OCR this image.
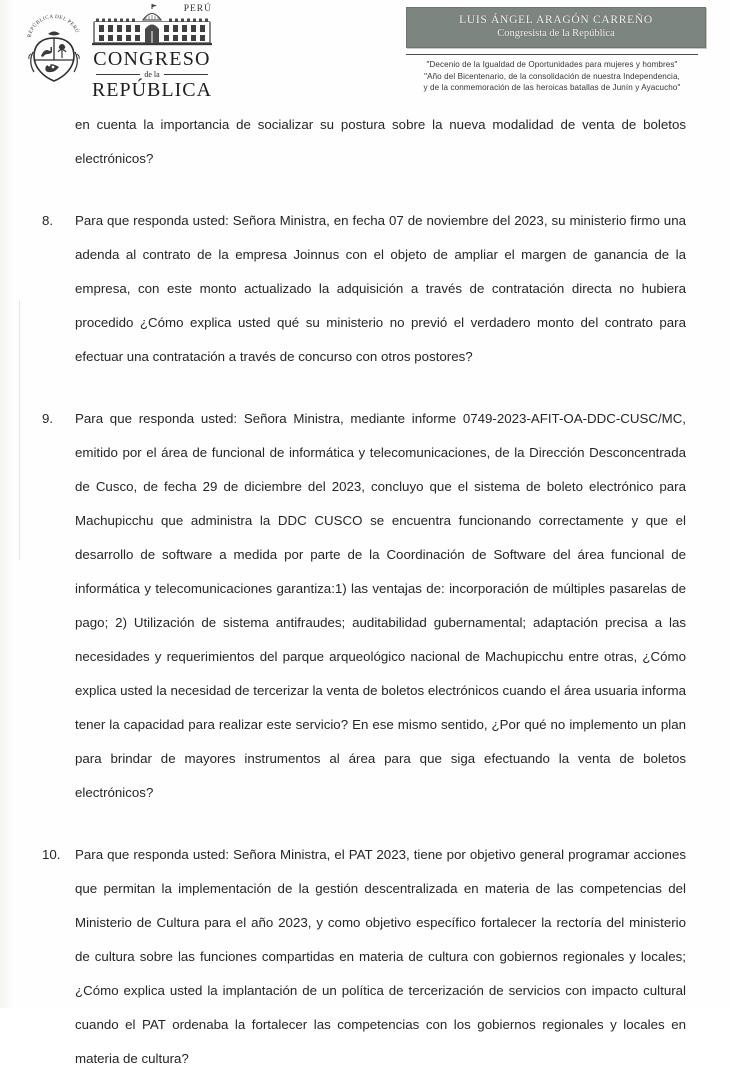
REPÚBLICA DEL PERÚ
PERÚ
CONGRESO
de la
REPÚBLICA
LUIS ÁNGEL ARAGÓN CARREÑO
Congresista de la República
"Decenio de la Igualdad de Oportunidades para mujeres y hombres"
"Año del Bicentenario, de la consolidación de nuestra Independencia,
y de la conmemoración de las heroicas batallas de Junín y Ayacucho"

en cuenta la importancia de socializar su postura sobre la nueva modalidad de venta de boletos electrónicos?

8.	Para que responda usted: Señora Ministra, en fecha 07 de noviembre del 2023, su ministerio firmo una adenda al contrato de la empresa Joinnus con el objeto de ampliar el margen de ganancia de la empresa, con este monto actualizado la adquisición a través de contratación directa no hubiera procedido ¿Cómo explica usted qué su ministerio no previó el verdadero monto del contrato para efectuar una contratación a través de concurso con otros postores?
9.	Para que responda usted: Señora Ministra, mediante informe 0749-2023-AFIT-OA-DDC-CUSC/MC, emitido por el área de funcional de informática y telecomunicaciones, de la Dirección Desconcentrada de Cusco, de fecha 29 de diciembre del 2023, concluyo que el sistema de boleto electrónico para Machupicchu que administra la DDC CUSCO se encuentra funcionando correctamente y que el desarrollo de software a medida por parte de la Coordinación de Software del área funcional de informática y telecomunicaciones garantiza:1) las ventajas de: incorporación de múltiples pasarelas de pago; 2) Utilización de sistema antifraudes; auditabilidad gubernamental; adaptación precisa a las necesidades y requerimientos del parque arqueológico nacional de Machupicchu entre otras, ¿Cómo explica usted la necesidad de tercerizar la venta de boletos electrónicos cuando el área usuaria informa tener la capacidad para realizar este servicio? En ese mismo sentido, ¿Por qué no implemento un plan para brindar de mayores instrumentos al área para que siga efectuando la venta de boletos electrónicos?
10.	Para que responda usted: Señora Ministra, el PAT 2023, tiene por objetivo general programar acciones que permitan la implementación de la gestión descentralizada en materia de las competencias del Ministerio de Cultura para el año 2023, y como objetivo específico fortalecer la rectoría del ministerio de cultura sobre las funciones compartidas en materia de cultura con gobiernos regionales y locales; ¿Cómo explica usted la implantación de un política de tercerización de servicios con impacto cultural cuando el PAT ordenaba la fortalecer las competencias con los gobiernos regionales y locales en materia de cultura?
